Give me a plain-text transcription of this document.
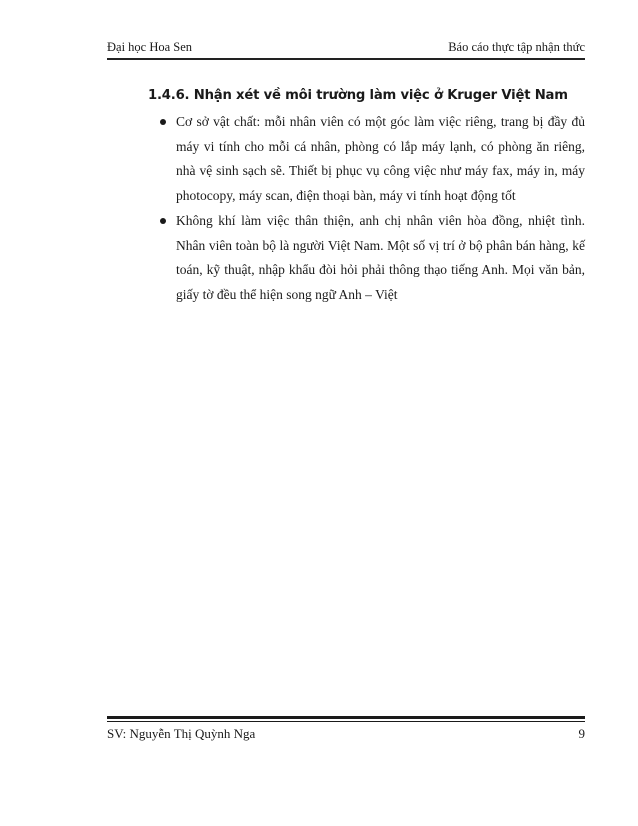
Đại học Hoa Sen	Báo cáo thực tập nhận thức
1.4.6. Nhận xét về môi trường làm việc ở Kruger Việt Nam
Cơ sở vật chất: mỗi nhân viên có một góc làm việc riêng, trang bị đầy đủ máy vi tính cho mỗi cá nhân, phòng có lắp máy lạnh, có phòng ăn riêng, nhà vệ sinh sạch sẽ. Thiết bị phục vụ công việc như máy fax, máy in, máy photocopy, máy scan, điện thoại bàn, máy vi tính hoạt động tốt
Không khí làm việc thân thiện, anh chị nhân viên hòa đồng, nhiệt tình. Nhân viên toàn bộ là người Việt Nam. Một số vị trí ở bộ phân bán hàng, kế toán, kỹ thuật, nhập khẩu đòi hỏi phải thông thạo tiếng Anh. Mọi văn bản, giấy tờ đều thể hiện song ngữ Anh – Việt
SV: Nguyễn Thị Quỳnh Nga	9
